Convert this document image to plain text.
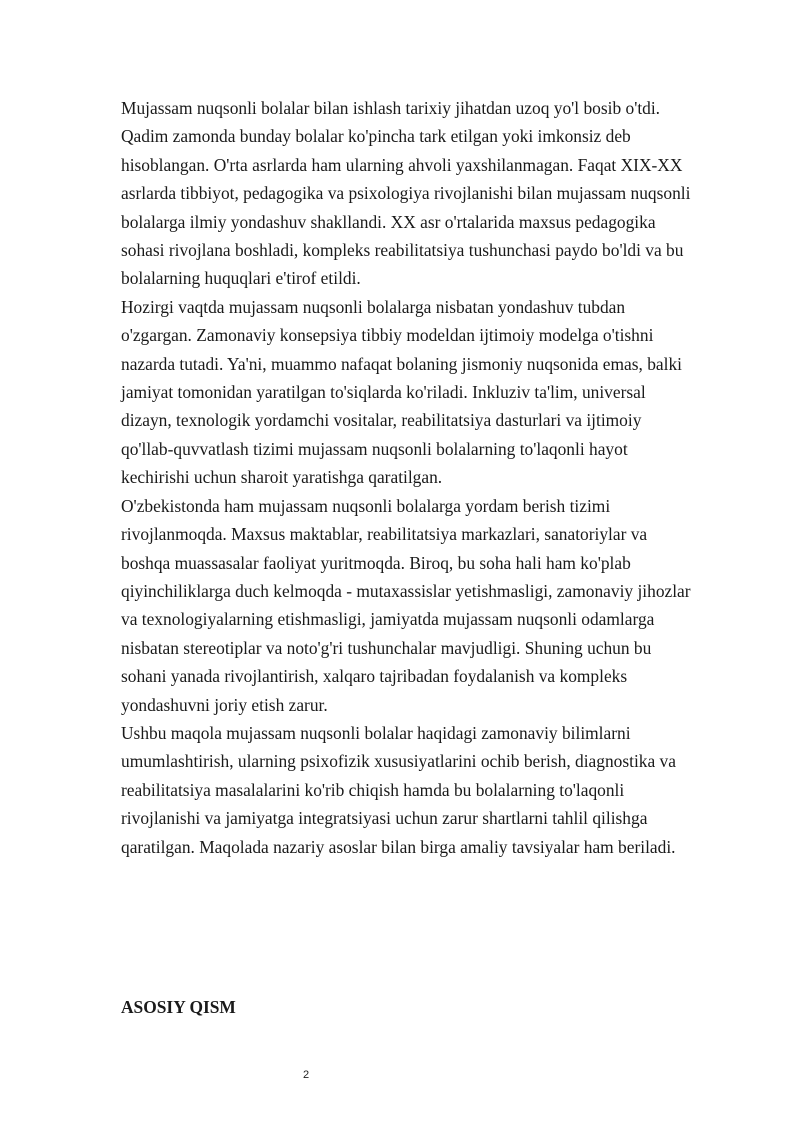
Mujassam nuqsonli bolalar bilan ishlash tarixiy jihatdan uzoq yo'l bosib o'tdi. Qadim zamonda bunday bolalar ko'pincha tark etilgan yoki imkonsiz deb hisoblangan. O'rta asrlarda ham ularning ahvoli yaxshilanmagan. Faqat XIX-XX asrlarda tibbiyot, pedagogika va psixologiya rivojlanishi bilan mujassam nuqsonli bolalarga ilmiy yondashuv shakllandi. XX asr o'rtalarida maxsus pedagogika sohasi rivojlana boshladi, kompleks reabilitatsiya tushunchasi paydo bo'ldi va bu bolalarning huquqlari e'tirof etildi.

Hozirgi vaqtda mujassam nuqsonli bolalarga nisbatan yondashuv tubdan o'zgargan. Zamonaviy konsepsiya tibbiy modeldan ijtimoiy modelga o'tishni nazarda tutadi. Ya'ni, muammo nafaqat bolaning jismoniy nuqsonida emas, balki jamiyat tomonidan yaratilgan to'siqlarda ko'riladi. Inkluziv ta'lim, universal dizayn, texnologik yordamchi vositalar, reabilitatsiya dasturlari va ijtimoiy qo'llab-quvvatlash tizimi mujassam nuqsonli bolalarning to'laqonli hayot kechirishi uchun sharoit yaratishga qaratilgan.

O'zbekistonda ham mujassam nuqsonli bolalarga yordam berish tizimi rivojlanmoqda. Maxsus maktablar, reabilitatsiya markazlari, sanatoriylar va boshqa muassasalar faoliyat yuritmoqda. Biroq, bu soha hali ham ko'plab qiyinchiliklarga duch kelmoqda - mutaxassislar yetishmasligi, zamonaviy jihozlar va texnologiyalarning etishmasligi, jamiyatda mujassam nuqsonli odamlarga nisbatan stereotiplar va noto'g'ri tushunchalar mavjudligi. Shuning uchun bu sohani yanada rivojlantirish, xalqaro tajribadan foydalanish va kompleks yondashuvni joriy etish zarur.

Ushbu maqola mujassam nuqsonli bolalar haqidagi zamonaviy bilimlarni umumlashtirish, ularning psixofizik xususiyatlarini ochib berish, diagnostika va reabilitatsiya masalalarini ko'rib chiqish hamda bu bolalarning to'laqonli rivojlanishi va jamiyatga integratsiyasi uchun zarur shartlarni tahlil qilishga qaratilgan. Maqolada nazariy asoslar bilan birga amaliy tavsiyalar ham beriladi.

ASOSIY QISM
2
